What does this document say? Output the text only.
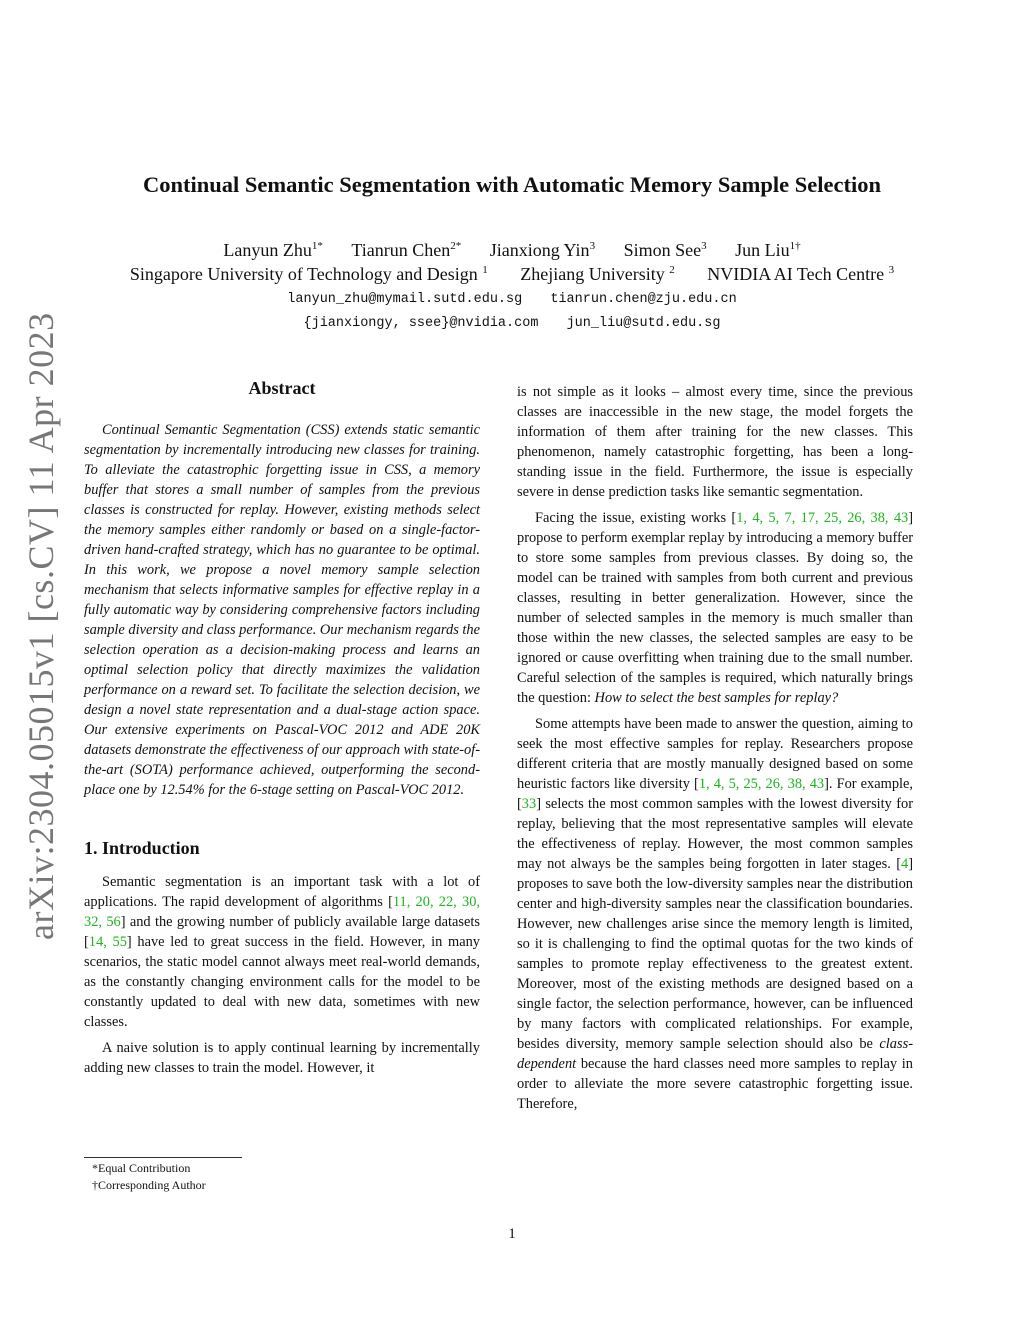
arXiv:2304.05015v1 [cs.CV] 11 Apr 2023
Continual Semantic Segmentation with Automatic Memory Sample Selection
Lanyun Zhu$^{1*}$ Tianrun Chen$^{2*}$ Jianxiong Yin$^3$ Simon See$^3$ Jun Liu$^{1\dagger}$
Singapore University of Technology and Design $^1$ Zhejiang University $^2$ NVIDIA AI Tech Centre $^3$
lanyun_zhu@mymail.sutd.edu.sg tianrun.chen@zju.edu.cn
{jianxiongy, ssee}@nvidia.com jun_liu@sutd.edu.sg
Abstract

Continual Semantic Segmentation (CSS) extends static semantic segmentation by incrementally introducing new classes for training. To alleviate the catastrophic forgetting issue in CSS, a memory buffer that stores a small number of samples from the previous classes is constructed for replay. However, existing methods select the memory samples either randomly or based on a single-factor-driven hand-crafted strategy, which has no guarantee to be optimal. In this work, we propose a novel memory sample selection mechanism that selects informative samples for effective replay in a fully automatic way by considering comprehensive factors including sample diversity and class performance. Our mechanism regards the selection operation as a decision-making process and learns an optimal selection policy that directly maximizes the validation performance on a reward set. To facilitate the selection decision, we design a novel state representation and a dual-stage action space. Our extensive experiments on Pascal-VOC 2012 and ADE 20K datasets demonstrate the effectiveness of our approach with state-of-the-art (SOTA) performance achieved, outperforming the second-place one by 12.54% for the 6-stage setting on Pascal-VOC 2012.

1. Introduction

Semantic segmentation is an important task with a lot of applications. The rapid development of algorithms [11, 20, 22, 30, 32, 56] and the growing number of publicly available large datasets [14, 55] have led to great success in the field. However, in many scenarios, the static model cannot always meet real-world demands, as the constantly changing environment calls for the model to be constantly updated to deal with new data, sometimes with new classes.

A naive solution is to apply continual learning by incrementally adding new classes to train the model. However, it

is not simple as it looks – almost every time, since the previous classes are inaccessible in the new stage, the model forgets the information of them after training for the new classes. This phenomenon, namely catastrophic forgetting, has been a long-standing issue in the field. Furthermore, the issue is especially severe in dense prediction tasks like semantic segmentation.

Facing the issue, existing works [1, 4, 5, 7, 17, 25, 26, 38, 43] propose to perform exemplar replay by introducing a memory buffer to store some samples from previous classes. By doing so, the model can be trained with samples from both current and previous classes, resulting in better generalization. However, since the number of selected samples in the memory is much smaller than those within the new classes, the selected samples are easy to be ignored or cause overfitting when training due to the small number. Careful selection of the samples is required, which naturally brings the question: How to select the best samples for replay?

Some attempts have been made to answer the question, aiming to seek the most effective samples for replay. Researchers propose different criteria that are mostly manually designed based on some heuristic factors like diversity [1, 4, 5, 25, 26, 38, 43]. For example, [33] selects the most common samples with the lowest diversity for replay, believing that the most representative samples will elevate the effectiveness of replay. However, the most common samples may not always be the samples being forgotten in later stages. [4] proposes to save both the low-diversity samples near the distribution center and high-diversity samples near the classification boundaries. However, new challenges arise since the memory length is limited, so it is challenging to find the optimal quotas for the two kinds of samples to promote replay effectiveness to the greatest extent. Moreover, most of the existing methods are designed based on a single factor, the selection performance, however, can be influenced by many factors with complicated relationships. For example, besides diversity, memory sample selection should also be class-dependent because the hard classes need more samples to replay in order to alleviate the more severe catastrophic forgetting issue. Therefore,

*Equal Contribution
†Corresponding Author
1
